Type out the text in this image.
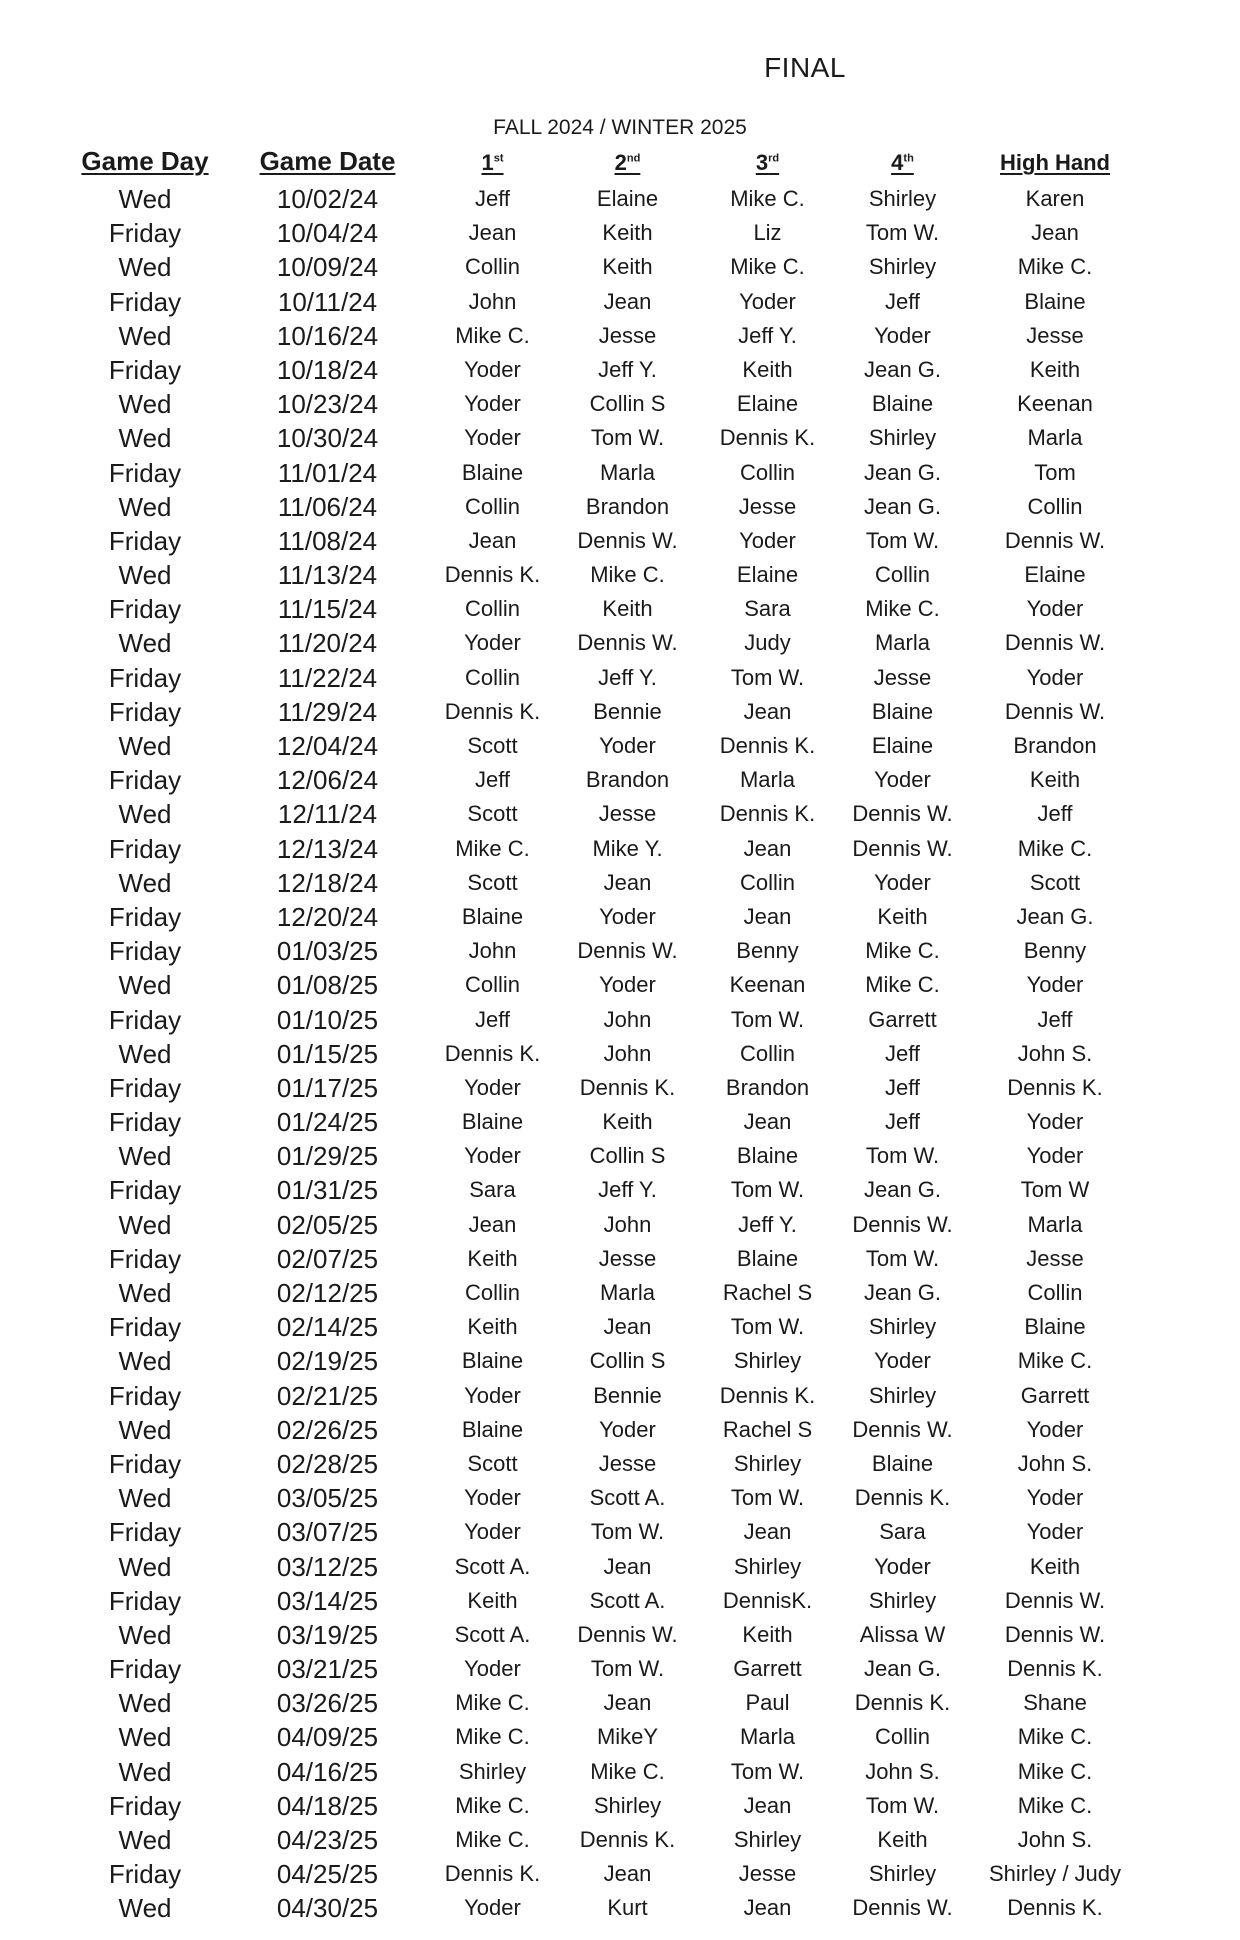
FINAL
FALL 2024 / WINTER 2025
Game Day	Game Date	1st	2nd	3rd	4th	High Hand
Wed	10/02/24	Jeff	Elaine	Mike C.	Shirley	Karen
Friday	10/04/24	Jean	Keith	Liz	Tom W.	Jean
Wed	10/09/24	Collin	Keith	Mike C.	Shirley	Mike C.
Friday	10/11/24	John	Jean	Yoder	Jeff	Blaine
Wed	10/16/24	Mike C.	Jesse	Jeff Y.	Yoder	Jesse
Friday	10/18/24	Yoder	Jeff Y.	Keith	Jean G.	Keith
Wed	10/23/24	Yoder	Collin S	Elaine	Blaine	Keenan
Wed	10/30/24	Yoder	Tom W.	Dennis K.	Shirley	Marla
Friday	11/01/24	Blaine	Marla	Collin	Jean G.	Tom
Wed	11/06/24	Collin	Brandon	Jesse	Jean G.	Collin
Friday	11/08/24	Jean	Dennis W.	Yoder	Tom W.	Dennis W.
Wed	11/13/24	Dennis K.	Mike C.	Elaine	Collin	Elaine
Friday	11/15/24	Collin	Keith	Sara	Mike C.	Yoder
Wed	11/20/24	Yoder	Dennis W.	Judy	Marla	Dennis W.
Friday	11/22/24	Collin	Jeff Y.	Tom W.	Jesse	Yoder
Friday	11/29/24	Dennis K.	Bennie	Jean	Blaine	Dennis W.
Wed	12/04/24	Scott	Yoder	Dennis K.	Elaine	Brandon
Friday	12/06/24	Jeff	Brandon	Marla	Yoder	Keith
Wed	12/11/24	Scott	Jesse	Dennis K.	Dennis W.	Jeff
Friday	12/13/24	Mike C.	Mike Y.	Jean	Dennis W.	Mike C.
Wed	12/18/24	Scott	Jean	Collin	Yoder	Scott
Friday	12/20/24	Blaine	Yoder	Jean	Keith	Jean G.
Friday	01/03/25	John	Dennis W.	Benny	Mike C.	Benny
Wed	01/08/25	Collin	Yoder	Keenan	Mike C.	Yoder
Friday	01/10/25	Jeff	John	Tom W.	Garrett	Jeff
Wed	01/15/25	Dennis K.	John	Collin	Jeff	John S.
Friday	01/17/25	Yoder	Dennis K.	Brandon	Jeff	Dennis K.
Friday	01/24/25	Blaine	Keith	Jean	Jeff	Yoder
Wed	01/29/25	Yoder	Collin S	Blaine	Tom W.	Yoder
Friday	01/31/25	Sara	Jeff Y.	Tom W.	Jean G.	Tom W
Wed	02/05/25	Jean	John	Jeff Y.	Dennis W.	Marla
Friday	02/07/25	Keith	Jesse	Blaine	Tom W.	Jesse
Wed	02/12/25	Collin	Marla	Rachel S	Jean G.	Collin
Friday	02/14/25	Keith	Jean	Tom W.	Shirley	Blaine
Wed	02/19/25	Blaine	Collin S	Shirley	Yoder	Mike C.
Friday	02/21/25	Yoder	Bennie	Dennis K.	Shirley	Garrett
Wed	02/26/25	Blaine	Yoder	Rachel S	Dennis W.	Yoder
Friday	02/28/25	Scott	Jesse	Shirley	Blaine	John S.
Wed	03/05/25	Yoder	Scott A.	Tom W.	Dennis K.	Yoder
Friday	03/07/25	Yoder	Tom W.	Jean	Sara	Yoder
Wed	03/12/25	Scott A.	Jean	Shirley	Yoder	Keith
Friday	03/14/25	Keith	Scott A.	DennisK.	Shirley	Dennis W.
Wed	03/19/25	Scott A.	Dennis W.	Keith	Alissa W	Dennis W.
Friday	03/21/25	Yoder	Tom W.	Garrett	Jean G.	Dennis K.
Wed	03/26/25	Mike C.	Jean	Paul	Dennis K.	Shane
Wed	04/09/25	Mike C.	MikeY	Marla	Collin	Mike C.
Wed	04/16/25	Shirley	Mike C.	Tom W.	John S.	Mike C.
Friday	04/18/25	Mike C.	Shirley	Jean	Tom W.	Mike C.
Wed	04/23/25	Mike C.	Dennis K.	Shirley	Keith	John S.
Friday	04/25/25	Dennis K.	Jean	Jesse	Shirley	Shirley / Judy
Wed	04/30/25	Yoder	Kurt	Jean	Dennis W.	Dennis K.
